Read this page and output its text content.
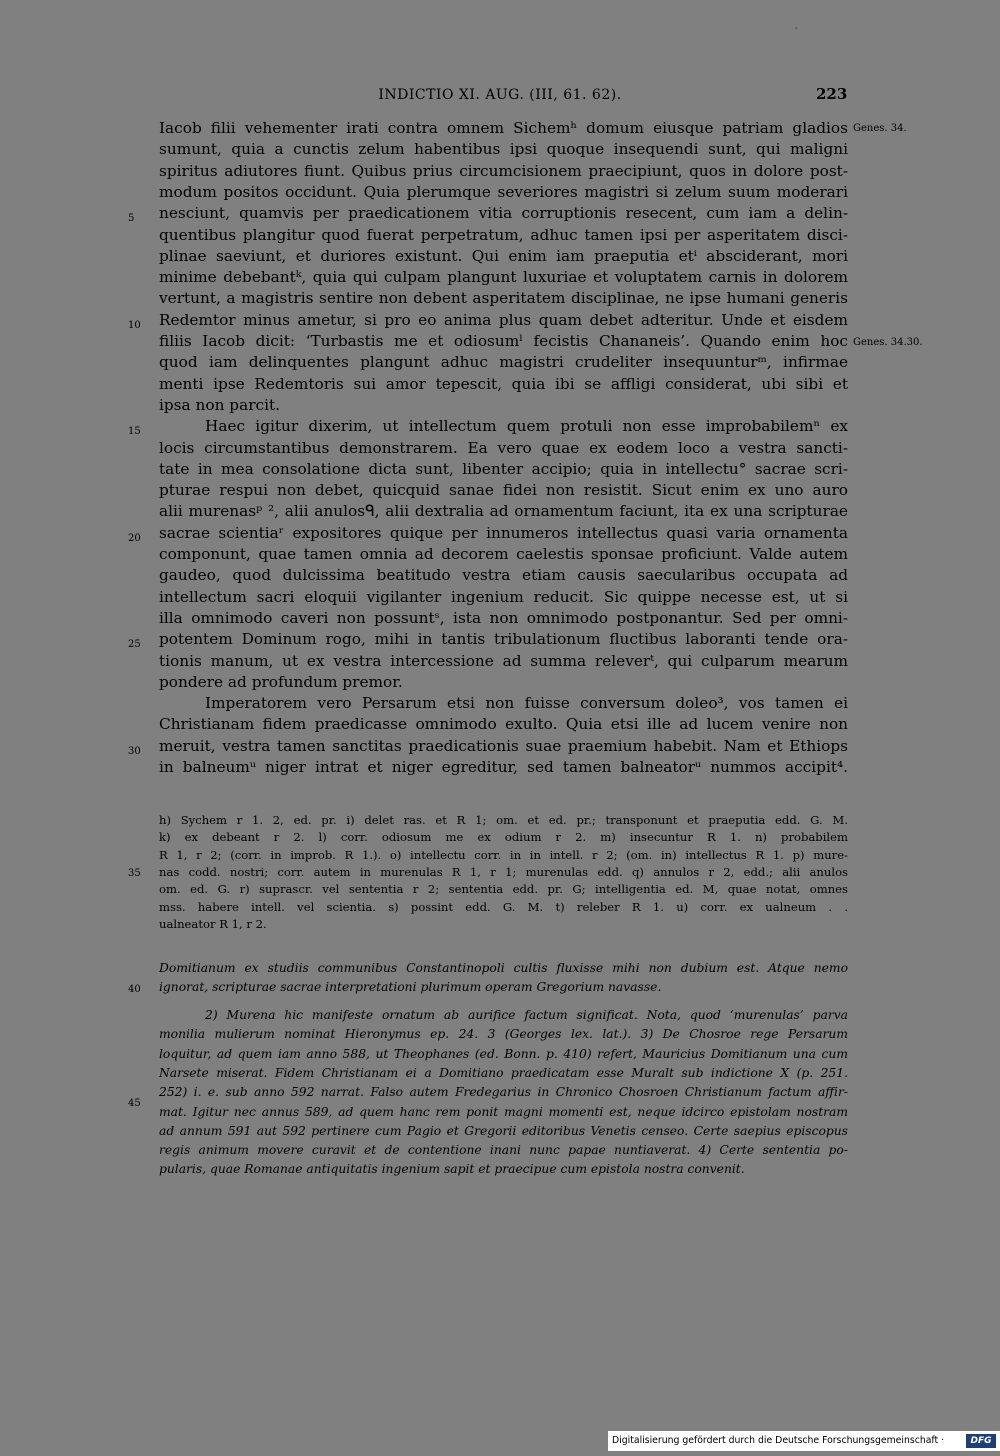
'
INDICTIO XI. AUG. (III, 61. 62).	223
Iacob filii vehementer irati contra omnem Sichemʰ domum eiusque patriam gladios
sumunt, quia a cunctis zelum habentibus ipsi quoque insequendi sunt, qui maligni
spiritus adiutores fiunt. Quibus prius circumcisionem praecipiunt, quos in dolore post-
modum positos occidunt. Quia plerumque severiores magistri si zelum suum moderari
nesciunt, quamvis per praedicationem vitia corruptionis resecent, cum iam a delin-
quentibus plangitur quod fuerat perpetratum, adhuc tamen ipsi per asperitatem disci-
plinae saeviunt, et duriores existunt. Qui enim iam praeputia etⁱ absciderant, mori
minime debebantᵏ, quia qui culpam plangunt luxuriae et voluptatem carnis in dolorem
vertunt, a magistris sentire non debent asperitatem disciplinae, ne ipse humani generis
Redemtor minus ametur, si pro eo anima plus quam debet adteritur. Unde et eisdem
filiis Iacob dicit: ‘Turbastis me et odiosumˡ fecistis Chananeis’. Quando enim hoc
quod iam delinquentes plangunt adhuc magistri crudeliter insequunturᵐ, infirmae
menti ipse Redemtoris sui amor tepescit, quia ibi se affligi considerat, ubi sibi et
ipsa non parcit.
Haec igitur dixerim, ut intellectum quem protuli non esse improbabilemⁿ ex
locis circumstantibus demonstrarem. Ea vero quae ex eodem loco a vestra sancti-
tate in mea consolatione dicta sunt, libenter accipio; quia in intellectu° sacrae scri-
pturae respui non debet, quicquid sanae fidei non resistit. Sicut enim ex uno auro
alii murenasᵖ ², alii anulosᑫ, alii dextralia ad ornamentum faciunt, ita ex una scripturae
sacrae scientiaʳ expositores quique per innumeros intellectus quasi varia ornamenta
componunt, quae tamen omnia ad decorem caelestis sponsae proficiunt. Valde autem
gaudeo, quod dulcissima beatitudo vestra etiam causis saecularibus occupata ad
intellectum sacri eloquii vigilanter ingenium reducit. Sic quippe necesse est, ut si
illa omnimodo caveri non possuntˢ, ista non omnimodo postponantur. Sed per omni-
potentem Dominum rogo, mihi in tantis tribulationum fluctibus laboranti tende ora-
tionis manum, ut ex vestra intercessione ad summa releverᵗ, qui culparum mearum
pondere ad profundum premor.
Imperatorem vero Persarum etsi non fuisse conversum doleo³, vos tamen ei
Christianam fidem praedicasse omnimodo exulto. Quia etsi ille ad lucem venire non
meruit, vestra tamen sanctitas praedicationis suae praemium habebit. Nam et Ethiops
in balneumᵘ niger intrat et niger egreditur, sed tamen balneatorᵘ nummos accipit⁴.
5
10
15
20
25
30
35
40
45
Genes. 34.
Genes. 34.30.
h) Sychem r 1. 2, ed. pr. i) delet ras. et R 1; om. et ed. pr.; transponunt et praeputia edd. G. M.
k) ex debeant r 2. l) corr. odiosum me ex odium r 2. m) insecuntur R 1. n) probabilem
R 1, r 2; (corr. in improb. R 1.). o) intellectu corr. in in intell. r 2; (om. in) intellectus R 1. p) mure-
nas codd. nostri; corr. autem in murenulas R 1, r 1; murenulas edd. q) annulos r 2, edd.; alii anulos
om. ed. G. r) suprascr. vel sententia r 2; sententia edd. pr. G; intelligentia ed. M, quae notat, omnes
mss. habere intell. vel scientia. s) possint edd. G. M. t) releber R 1. u) corr. ex ualneum . .
ualneator R 1, r 2.
Domitianum ex studiis communibus Constantinopoli cultis fluxisse mihi non dubium est. Atque nemo
ignorat, scripturae sacrae interpretationi plurimum operam Gregorium navasse.
2) Murena hic manifeste ornatum ab aurifice factum significat. Nota, quod ‘murenulas’ parva
monilia mulierum nominat Hieronymus ep. 24. 3 (Georges lex. lat.). 3) De Chosroe rege Persarum
loquitur, ad quem iam anno 588, ut Theophanes (ed. Bonn. p. 410) refert, Mauricius Domitianum una cum
Narsete miserat. Fidem Christianam ei a Domitiano praedicatam esse Muralt sub indictione X (p. 251.
252) i. e. sub anno 592 narrat. Falso autem Fredegarius in Chronico Chosroen Christianum factum affir-
mat. Igitur nec annus 589, ad quem hanc rem ponit magni momenti est, neque idcirco epistolam nostram
ad annum 591 aut 592 pertinere cum Pagio et Gregorii editoribus Venetis censeo. Certe saepius episcopus
regis animum movere curavit et de contentione inani nunc papae nuntiaverat. 4) Certe sententia po-
pularis, quae Romanae antiquitatis ingenium sapit et praecipue cum epistola nostra convenit.
Digitalisierung gefördert durch die Deutsche Forschungsgemeinschaft ·	DFG
